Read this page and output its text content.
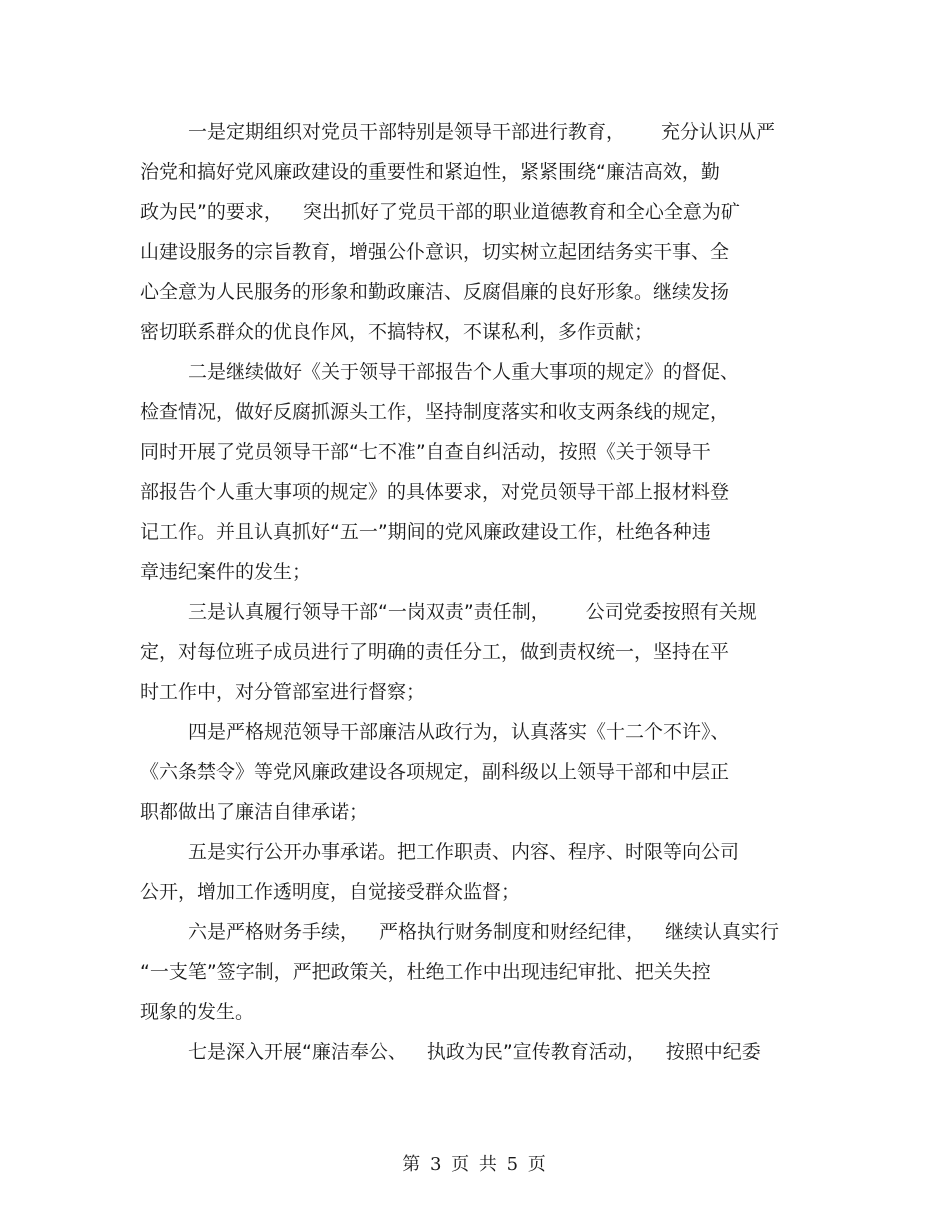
一是定期组织对党员干部特别是领导干部进行教育， 充分认识从严
治党和搞好党风廉政建设的重要性和紧迫性，紧紧围绕“廉洁高效，勤
政为民”的要求， 突出抓好了党员干部的职业道德教育和全心全意为矿
山建设服务的宗旨教育，增强公仆意识，切实树立起团结务实干事、全
心全意为人民服务的形象和勤政廉洁、反腐倡廉的良好形象。继续发扬
密切联系群众的优良作风，不搞特权，不谋私利，多作贡献；
二是继续做好《关于领导干部报告个人重大事项的规定》的督促、
检查情况，做好反腐抓源头工作，坚持制度落实和收支两条线的规定，
同时开展了党员领导干部“七不准”自查自纠活动，按照《关于领导干
部报告个人重大事项的规定》的具体要求，对党员领导干部上报材料登
记工作。并且认真抓好“五一”期间的党风廉政建设工作，杜绝各种违
章违纪案件的发生；
三是认真履行领导干部“一岗双责”责任制， 公司党委按照有关规
定，对每位班子成员进行了明确的责任分工，做到责权统一，坚持在平
时工作中，对分管部室进行督察；
四是严格规范领导干部廉洁从政行为，认真落实《十二个不许》、
《六条禁令》等党风廉政建设各项规定，副科级以上领导干部和中层正
职都做出了廉洁自律承诺；
五是实行公开办事承诺。把工作职责、内容、程序、时限等向公司
公开，增加工作透明度，自觉接受群众监督；
六是严格财务手续， 严格执行财务制度和财经纪律， 继续认真实行
“一支笔”签字制，严把政策关，杜绝工作中出现违纪审批、把关失控
现象的发生。
七是深入开展“廉洁奉公、 执政为民”宣传教育活动， 按照中纪委
第 3 页 共 5 页
